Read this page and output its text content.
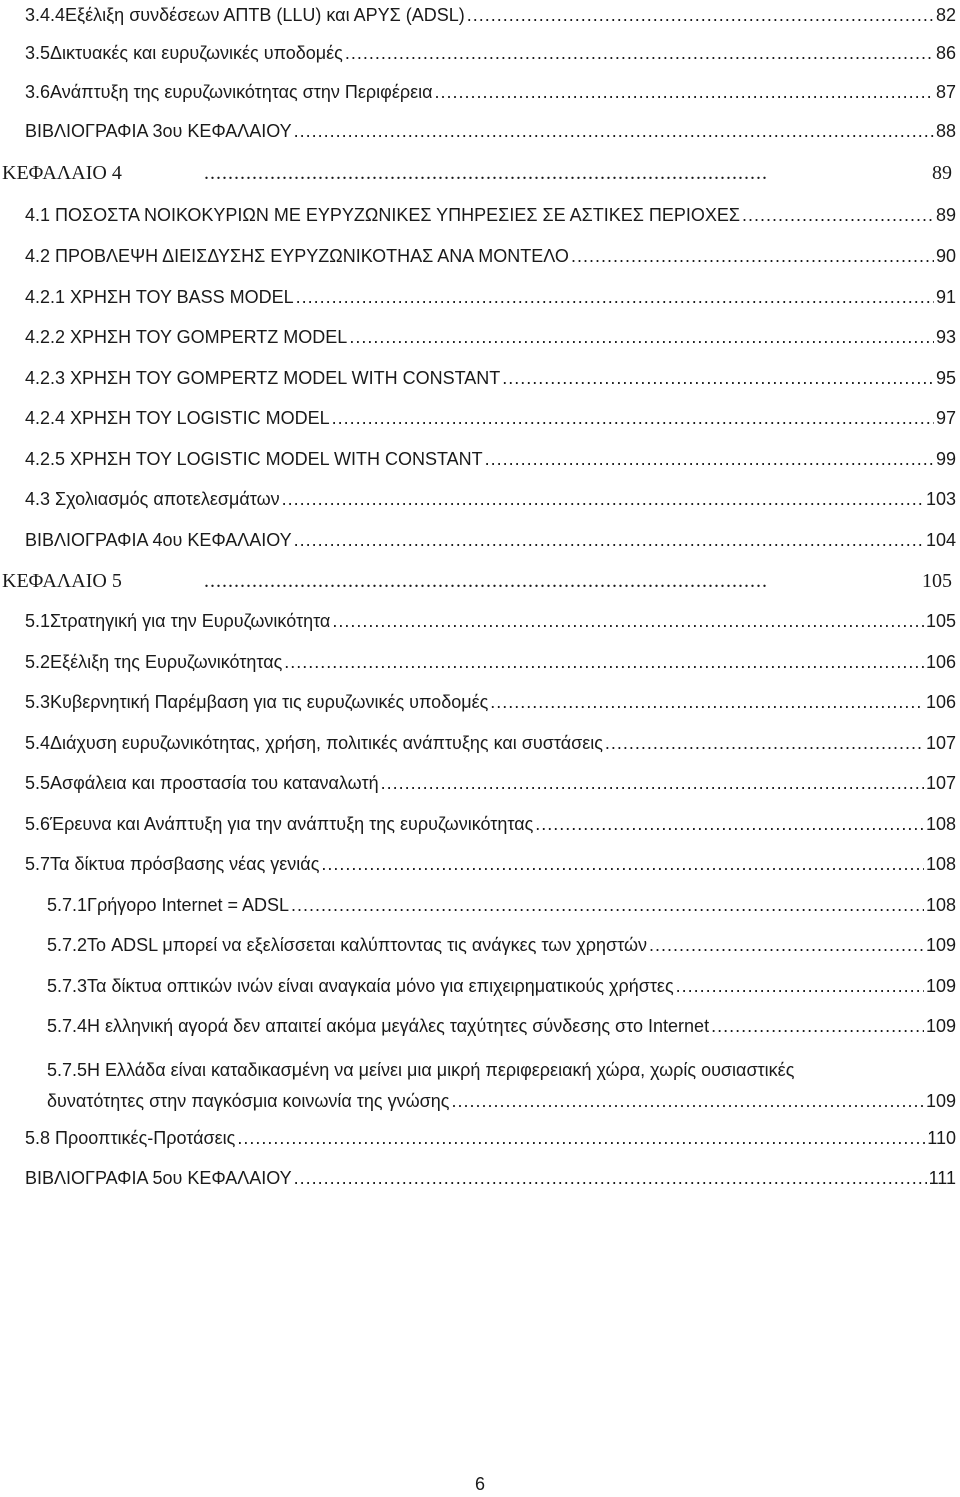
3.4.4Εξέλιξη συνδέσεων ΑΠΤΒ (LLU) και ΑΡΥΣ (ADSL) .....	82
3.5Δικτυακές και ευρυζωνικές υποδομές .....	86
3.6Ανάπτυξη της ευρυζωνικότητας στην Περιφέρεια .....	87
ΒΙΒΛΙΟΓΡΑΦΙΑ 3ου ΚΕΦΑΛΑΙΟΥ .....	88
ΚΕΦΑΛΑΙΟ 4 .....	89
4.1 ΠΟΣΟΣΤΑ ΝΟΙΚΟΚΥΡΙΩΝ ΜΕ ΕΥΡΥΖΩΝΙΚΕΣ ΥΠΗΡΕΣΙΕΣ ΣΕ ΑΣΤΙΚΕΣ ΠΕΡΙΟΧΕΣ .....	89
4.2 ΠΡΟΒΛΕΨΗ ΔΙΕΙΣΔΥΣΗΣ ΕΥΡΥΖΩΝΙΚΟΤΗΑΣ ΑΝΑ ΜΟΝΤΕΛΟ .....	90
4.2.1 ΧΡΗΣΗ ΤΟΥ BASS MODEL .....	91
4.2.2 ΧΡΗΣΗ ΤΟΥ GOMPERTZ MODEL .....	93
4.2.3 ΧΡΗΣΗ ΤΟΥ GOMPERTZ MODEL WITH CONSTANT .....	95
4.2.4 ΧΡΗΣΗ ΤΟΥ LOGISTIC MODEL .....	97
4.2.5 ΧΡΗΣΗ ΤΟΥ LOGISTIC MODEL WITH CONSTANT .....	99
4.3 Σχολιασμός αποτελεσμάτων .....	103
ΒΙΒΛΙΟΓΡΑΦΙΑ 4ου ΚΕΦΑΛΑΙΟΥ .....	104
ΚΕΦΑΛΑΙΟ 5 .....	105
5.1Στρατηγική για την Ευρυζωνικότητα .....	105
5.2Εξέλιξη της Ευρυζωνικότητας .....	106
5.3Κυβερνητική Παρέμβαση για τις ευρυζωνικές υποδομές .....	106
5.4Διάχυση ευρυζωνικότητας, χρήση, πολιτικές ανάπτυξης και συστάσεις .....	107
5.5Ασφάλεια και προστασία του καταναλωτή .....	107
5.6Έρευνα και Ανάπτυξη για την ανάπτυξη της ευρυζωνικότητας .....	108
5.7Τα δίκτυα πρόσβασης νέας γενιάς .....	108
5.7.1Γρήγορο Internet = ADSL .....	108
5.7.2Το ADSL μπορεί να εξελίσσεται καλύπτοντας τις ανάγκες των χρηστών .....	109
5.7.3Τα δίκτυα οπτικών ινών είναι αναγκαία μόνο για επιχειρηματικούς χρήστες .....	109
5.7.4Η ελληνική αγορά δεν απαιτεί ακόμα μεγάλες ταχύτητες σύνδεσης στο Internet .....	109
5.7.5Η Ελλάδα είναι καταδικασμένη να μείνει μια μικρή περιφερειακή χώρα, χωρίς ουσιαστικές
δυνατότητες στην παγκόσμια κοινωνία της γνώσης .....	109
5.8 Προοπτικές-Προτάσεις .....	110
ΒΙΒΛΙΟΓΡΑΦΙΑ 5ου ΚΕΦΑΛΑΙΟΥ .....	111
6
